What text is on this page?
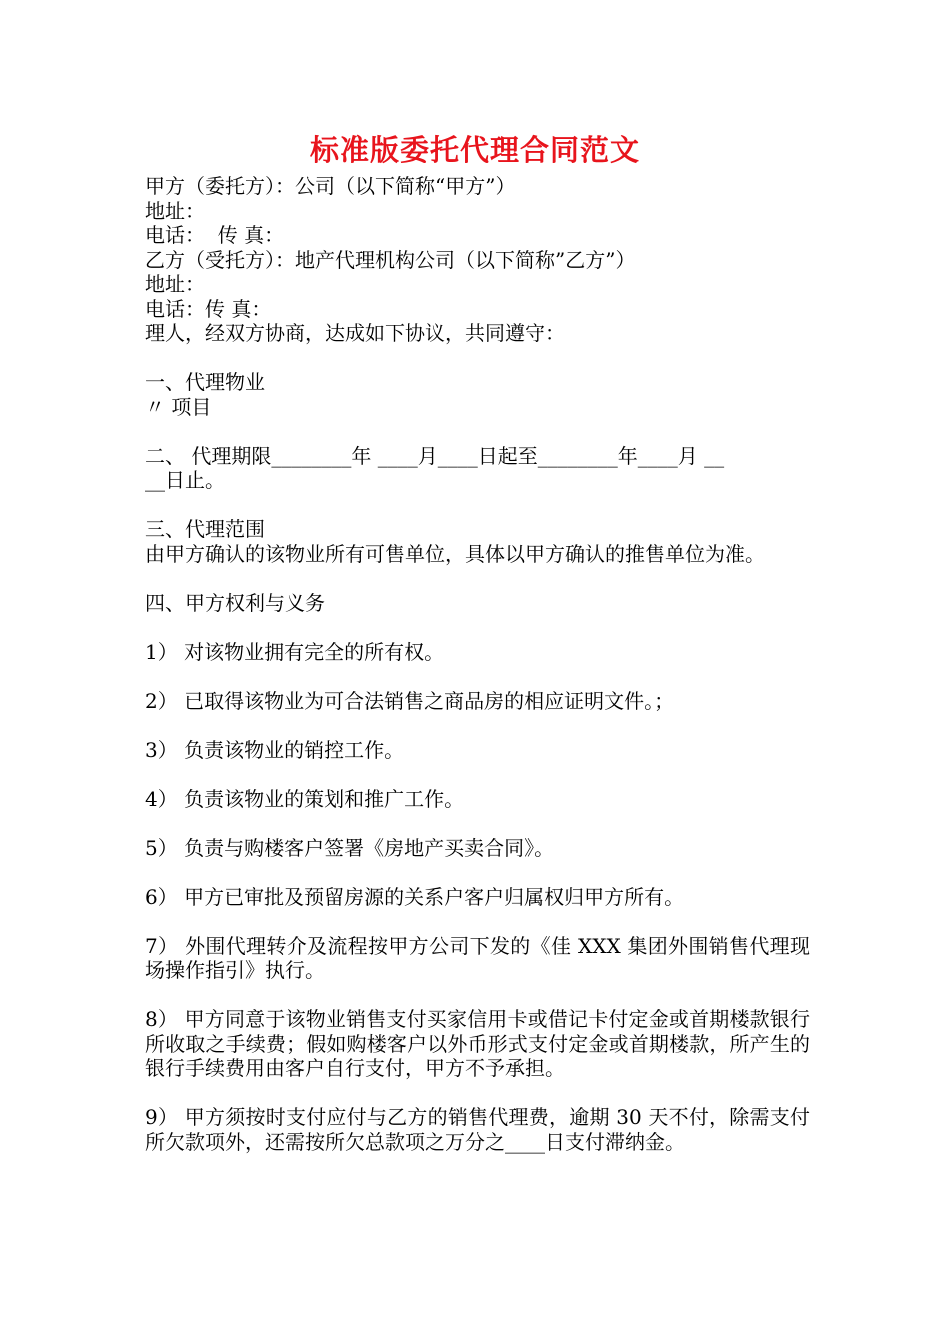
标准版委托代理合同范文
甲方（委托方）：公司（以下简称“甲方”）
地址：
电话：  传 真：
乙方（受托方）：地产代理机构公司（以下简称”乙方”）
地址：
电话：传 真：
理人，经双方协商，达成如下协议，共同遵守：
一、代理物业
〃 项目
二、 代理期限________年 ____月____日起至________年____月 __
__日止。
三、代理范围
由甲方确认的该物业所有可售单位，具体以甲方确认的推售单位为准。
四、甲方权利与义务
1） 对该物业拥有完全的所有权。
2） 已取得该物业为可合法销售之商品房的相应证明文件。；
3） 负责该物业的销控工作。
4） 负责该物业的策划和推广工作。
5） 负责与购楼客户签署《房地产买卖合同》。
6） 甲方已审批及预留房源的关系户客户归属权归甲方所有。
7） 外围代理转介及流程按甲方公司下发的《佳 XXX 集团外围销售代理现场操作指引》执行。
8） 甲方同意于该物业销售支付买家信用卡或借记卡付定金或首期楼款银行所收取之手续费；假如购楼客户以外币形式支付定金或首期楼款，所产生的银行手续费用由客户自行支付，甲方不予承担。
9） 甲方须按时支付应付与乙方的销售代理费，逾期 30 天不付，除需支付所欠款项外，还需按所欠总款项之万分之____日支付滞纳金。
